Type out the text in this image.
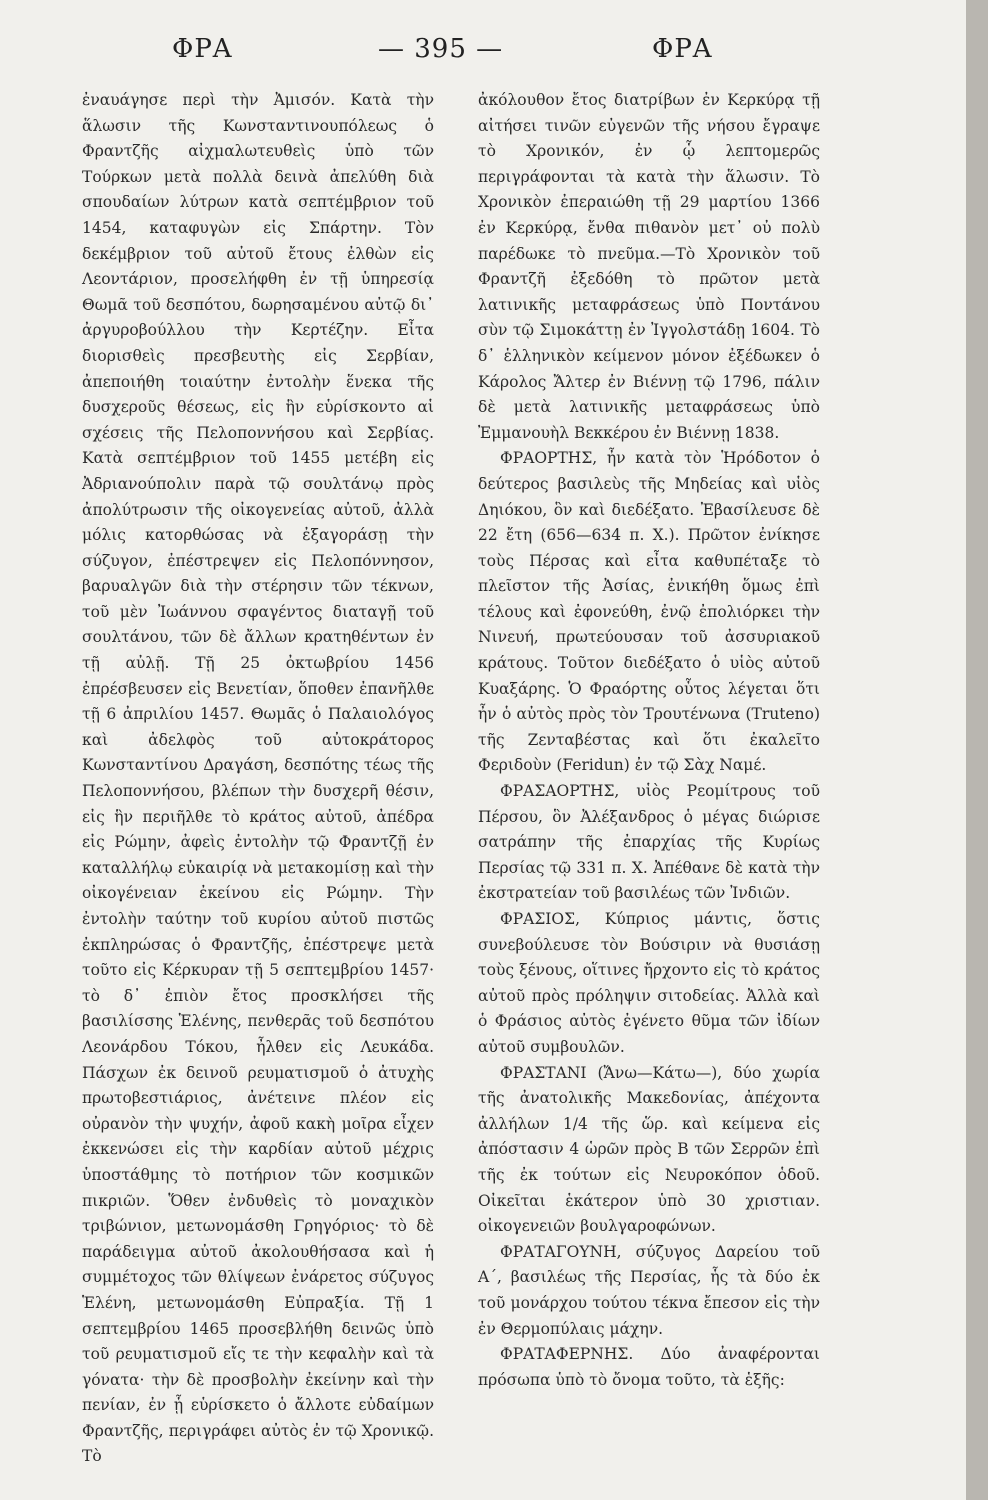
ΦΡΑ	— 395 —	ΦΡΑ

ἐναυάγησε περὶ τὴν Ἀμισόν. Κατὰ τὴν ἅλωσιν τῆς Κωνσταντινουπόλεως ὁ Φραντζῆς αἰχμαλωτευθεὶς ὑπὸ τῶν Τούρκων μετὰ πολλὰ δεινὰ ἀπελύθη διὰ σπουδαίων λύτρων κατὰ σεπτέμβριον τοῦ 1454, καταφυγὼν εἰς Σπάρτην. Τὸν δεκέμβριον τοῦ αὐτοῦ ἔτους ἐλθὼν εἰς Λεοντάριον, προσελήφθη ἐν τῇ ὑπηρεσίᾳ Θωμᾶ τοῦ δεσπότου, δωρησαμένου αὐτῷ δι᾽ ἀργυροβούλλου τὴν Κερτέζην. Εἶτα διορισθεὶς πρεσβευτὴς εἰς Σερβίαν, ἀπεποιήθη τοιαύτην ἐντολὴν ἕνεκα τῆς δυσχεροῦς θέσεως, εἰς ἣν εὑρίσκοντο αἱ σχέσεις τῆς Πελοποννήσου καὶ Σερβίας. Κατὰ σεπτέμβριον τοῦ 1455 μετέβη εἰς Ἀδριανούπολιν παρὰ τῷ σουλτάνῳ πρὸς ἀπολύτρωσιν τῆς οἰκογενείας αὐτοῦ, ἀλλὰ μόλις κατορθώσας νὰ ἐξαγοράσῃ τὴν σύζυγον, ἐπέστρεψεν εἰς Πελοπόννησον, βαρυαλγῶν διὰ τὴν στέρησιν τῶν τέκνων, τοῦ μὲν Ἰωάννου σφαγέντος διαταγῇ τοῦ σουλτάνου, τῶν δὲ ἄλλων κρατηθέντων ἐν τῇ αὐλῇ. Τῇ 25 ὀκτωβρίου 1456 ἐπρέσβευσεν εἰς Βενετίαν, ὅποθεν ἐπανῆλθε τῇ 6 ἀπριλίου 1457. Θωμᾶς ὁ Παλαιολόγος καὶ ἀδελφὸς τοῦ αὐτοκράτορος Κωνσταντίνου Δραγάση, δεσπότης τέως τῆς Πελοποννήσου, βλέπων τὴν δυσχερῆ θέσιν, εἰς ἣν περιῆλθε τὸ κράτος αὐτοῦ, ἀπέδρα εἰς Ρώμην, ἀφεὶς ἐντολὴν τῷ Φραντζῇ ἐν καταλλήλῳ εὐκαιρίᾳ νὰ μετακομίσῃ καὶ τὴν οἰκογένειαν ἐκείνου εἰς Ρώμην. Τὴν ἐντολὴν ταύτην τοῦ κυρίου αὐτοῦ πιστῶς ἐκπληρώσας ὁ Φραντζῆς, ἐπέστρεψε μετὰ τοῦτο εἰς Κέρκυραν τῇ 5 σεπτεμβρίου 1457· τὸ δ᾽ ἐπιὸν ἔτος προσκλήσει τῆς βασιλίσσης Ἑλένης, πενθερᾶς τοῦ δεσπότου Λεονάρδου Τόκου, ἦλθεν εἰς Λευκάδα. Πάσχων ἐκ δεινοῦ ρευματισμοῦ ὁ ἀτυχὴς πρωτοβεστιάριος, ἀνέτεινε πλέον εἰς οὐρανὸν τὴν ψυχήν, ἀφοῦ κακὴ μοῖρα εἶχεν ἐκκενώσει εἰς τὴν καρδίαν αὐτοῦ μέχρις ὑποστάθμης τὸ ποτήριον τῶν κοσμικῶν πικριῶν. Ὅθεν ἐνδυθεὶς τὸ μοναχικὸν τριβώνιον, μετωνομάσθη Γρηγόριος· τὸ δὲ παράδειγμα αὐτοῦ ἀκολουθήσασα καὶ ἡ συμμέτοχος τῶν θλίψεων ἐνάρετος σύζυγος Ἑλένη, μετωνομάσθη Εὐπραξία. Τῇ 1 σεπτεμβρίου 1465 προσεβλήθη δεινῶς ὑπὸ τοῦ ρευματισμοῦ εἴς τε τὴν κεφαλὴν καὶ τὰ γόνατα· τὴν δὲ προσβολὴν ἐκείνην καὶ τὴν πενίαν, ἐν ᾗ εὑρίσκετο ὁ ἄλλοτε εὐδαίμων Φραντζῆς, περιγράφει αὐτὸς ἐν τῷ Χρονικῷ. Τὸ

ἀκόλουθον ἔτος διατρίβων ἐν Κερκύρᾳ τῇ αἰτήσει τινῶν εὐγενῶν τῆς νήσου ἔγραψε τὸ Χρονικόν, ἐν ᾧ λεπτομερῶς περιγράφονται τὰ κατὰ τὴν ἅλωσιν. Τὸ Χρονικὸν ἐπεραιώθη τῇ 29 μαρτίου 1366 ἐν Κερκύρᾳ, ἔνθα πιθανὸν μετ᾽ οὐ πολὺ παρέδωκε τὸ πνεῦμα.—Τὸ Χρονικὸν τοῦ Φραντζῆ ἐξεδόθη τὸ πρῶτον μετὰ λατινικῆς μεταφράσεως ὑπὸ Ποντάνου σὺν τῷ Σιμοκάττῃ ἐν Ἰγγολστάδῃ 1604. Τὸ δ᾽ ἑλληνικὸν κείμενον μόνον ἐξέδωκεν ὁ Κάρολος Ἄλτερ ἐν Βιέννῃ τῷ 1796, πάλιν δὲ μετὰ λατινικῆς μεταφράσεως ὑπὸ Ἐμμανουὴλ Βεκκέρου ἐν Βιέννῃ 1838.

ΦΡΑΟΡΤΗΣ, ἦν κατὰ τὸν Ἡρόδοτον ὁ δεύτερος βασιλεὺς τῆς Μηδείας καὶ υἱὸς Δηιόκου, ὃν καὶ διεδέξατο. Ἐβασίλευσε δὲ 22 ἔτη (656—634 π. Χ.). Πρῶτον ἐνίκησε τοὺς Πέρσας καὶ εἶτα καθυπέταξε τὸ πλεῖστον τῆς Ἀσίας, ἐνικήθη ὅμως ἐπὶ τέλους καὶ ἐφονεύθη, ἐνῷ ἐπολιόρκει τὴν Νινευή, πρωτεύουσαν τοῦ ἀσσυριακοῦ κράτους. Τοῦτον διεδέξατο ὁ υἱὸς αὐτοῦ Κυαξάρης. Ὁ Φραόρτης οὗτος λέγεται ὅτι ἦν ὁ αὐτὸς πρὸς τὸν Τρουτένωνα (Truteno) τῆς Ζενταβέστας καὶ ὅτι ἐκαλεῖτο Φεριδοὺν (Feridun) ἐν τῷ Σὰχ Ναμέ.

ΦΡΑΣΑΟΡΤΗΣ, υἱὸς Ρεομίτρους τοῦ Πέρσου, ὃν Ἀλέξανδρος ὁ μέγας διώρισε σατράπην τῆς ἐπαρχίας τῆς Κυρίως Περσίας τῷ 331 π. Χ. Ἀπέθανε δὲ κατὰ τὴν ἐκστρατείαν τοῦ βασιλέως τῶν Ἰνδιῶν.

ΦΡΑΣΙΟΣ, Κύπριος μάντις, ὅστις συνεβούλευσε τὸν Βούσιριν νὰ θυσιάσῃ τοὺς ξένους, οἵτινες ἤρχοντο εἰς τὸ κράτος αὐτοῦ πρὸς πρόληψιν σιτοδείας. Ἀλλὰ καὶ ὁ Φράσιος αὐτὸς ἐγένετο θῦμα τῶν ἰδίων αὐτοῦ συμβουλῶν.

ΦΡΑΣΤΑΝΙ (Ἄνω—Κάτω—), δύο χωρία τῆς ἀνατολικῆς Μακεδονίας, ἀπέχοντα ἀλλήλων 1/4 τῆς ὥρ. καὶ κείμενα εἰς ἀπόστασιν 4 ὡρῶν πρὸς Β τῶν Σερρῶν ἐπὶ τῆς ἐκ τούτων εἰς Νευροκόπον ὁδοῦ. Οἰκεῖται ἑκάτερον ὑπὸ 30 χριστιαν. οἰκογενειῶν βουλγαροφώνων.

ΦΡΑΤΑΓΟΥΝΗ, σύζυγος Δαρείου τοῦ Α΄, βασιλέως τῆς Περσίας, ἧς τὰ δύο ἐκ τοῦ μονάρχου τούτου τέκνα ἔπεσον εἰς τὴν ἐν Θερμοπύλαις μάχην.

ΦΡΑΤΑΦΕΡΝΗΣ. Δύο ἀναφέρονται πρόσωπα ὑπὸ τὸ ὄνομα τοῦτο, τὰ ἑξῆς:
